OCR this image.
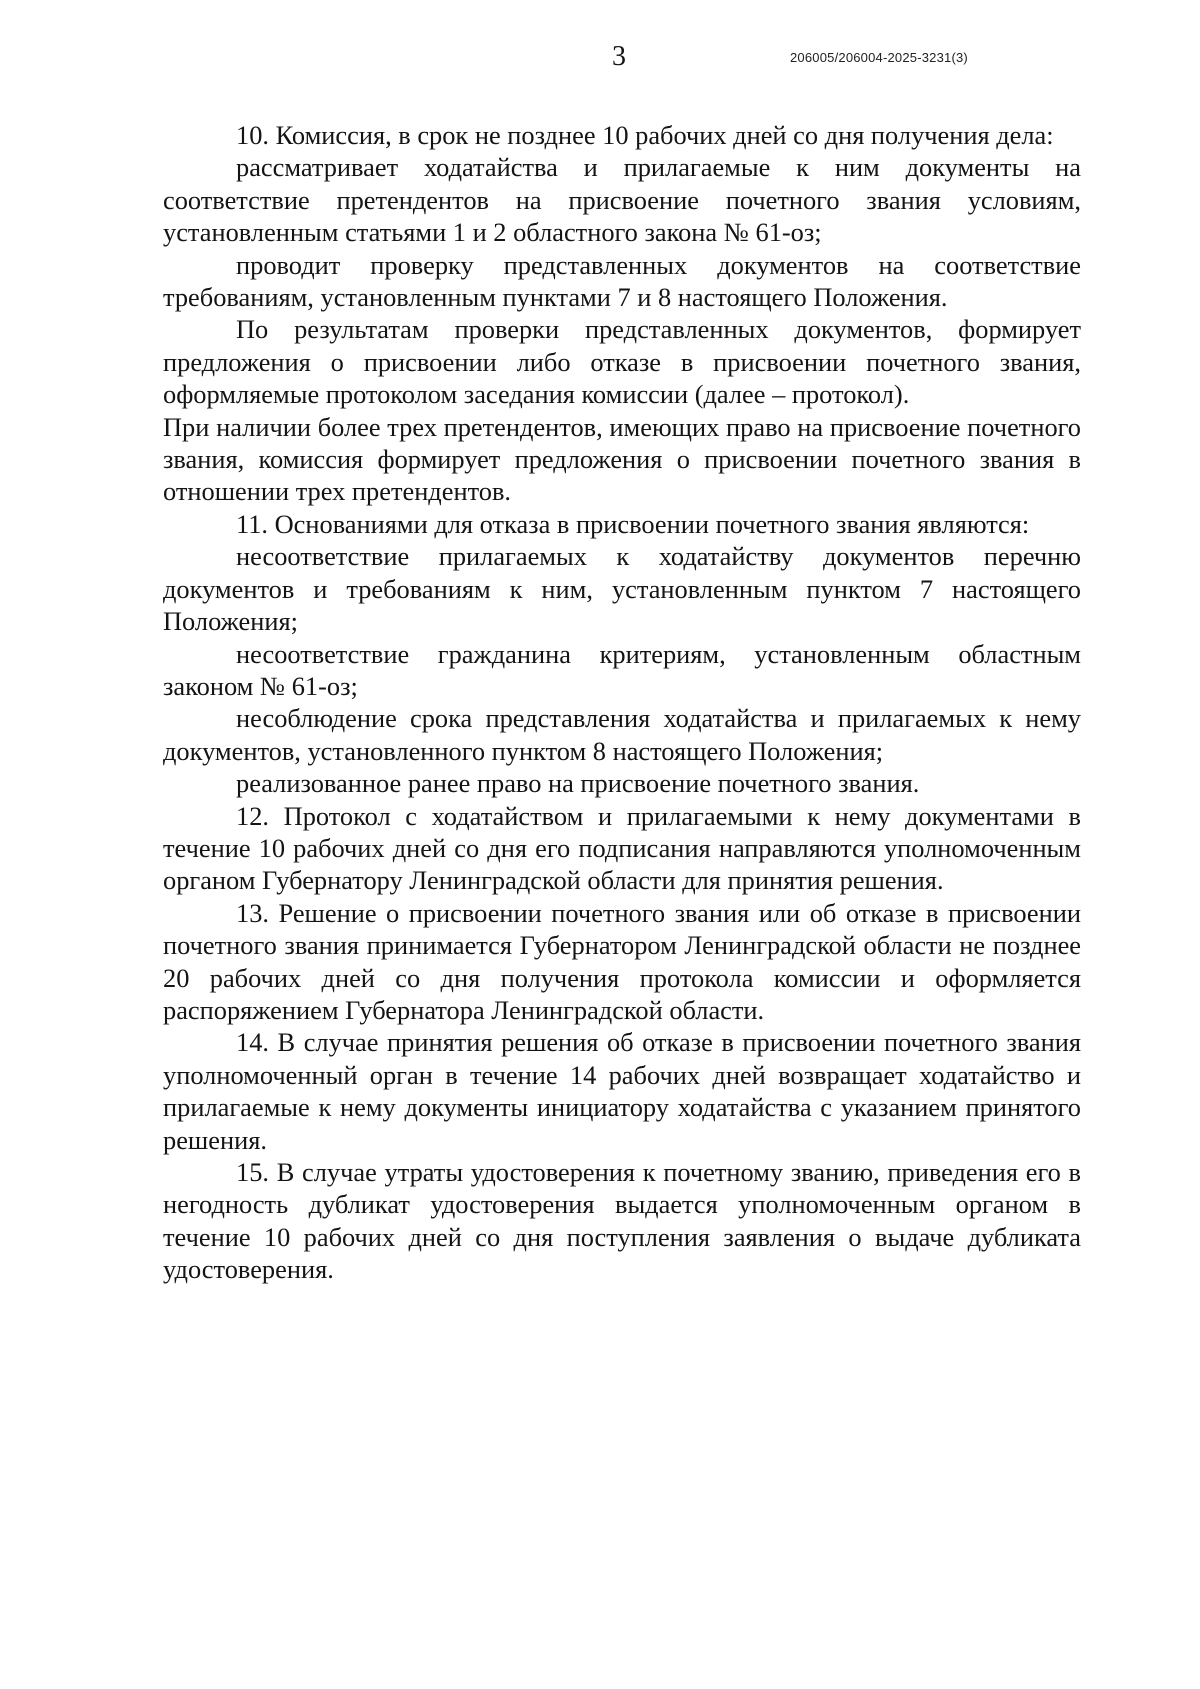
3	206005/206004-2025-3231(3)

10. Комиссия, в срок не позднее 10 рабочих дней со дня получения дела:

рассматривает ходатайства и прилагаемые к ним документы на соответствие претендентов на присвоение почетного звания условиям, установленным статьями 1 и 2 областного закона № 61-оз;

проводит проверку представленных документов на соответствие требованиям, установленным пунктами 7 и 8 настоящего Положения.

По результатам проверки представленных документов, формирует предложения о присвоении либо отказе в присвоении почетного звания, оформляемые протоколом заседания комиссии (далее – протокол).

При наличии более трех претендентов, имеющих право на присвоение почетного звания, комиссия формирует предложения о присвоении почетного звания в отношении трех претендентов.

11. Основаниями для отказа в присвоении почетного звания являются:

несоответствие прилагаемых к ходатайству документов перечню документов и требованиям к ним, установленным пунктом 7 настоящего Положения;

несоответствие гражданина критериям, установленным областным законом № 61-оз;

несоблюдение срока представления ходатайства и прилагаемых к нему документов, установленного пунктом 8 настоящего Положения;

реализованное ранее право на присвоение почетного звания.

12. Протокол с ходатайством и прилагаемыми к нему документами в течение 10 рабочих дней со дня его подписания направляются уполномоченным органом Губернатору Ленинградской области для принятия решения.

13. Решение о присвоении почетного звания или об отказе в присвоении почетного звания принимается Губернатором Ленинградской области не позднее 20 рабочих дней со дня получения протокола комиссии и оформляется распоряжением Губернатора Ленинградской области.

14. В случае принятия решения об отказе в присвоении почетного звания уполномоченный орган в течение 14 рабочих дней возвращает ходатайство и прилагаемые к нему документы инициатору ходатайства с указанием принятого решения.

15. В случае утраты удостоверения к почетному званию, приведения его в негодность дубликат удостоверения выдается уполномоченным органом в течение 10 рабочих дней со дня поступления заявления о выдаче дубликата удостоверения.
